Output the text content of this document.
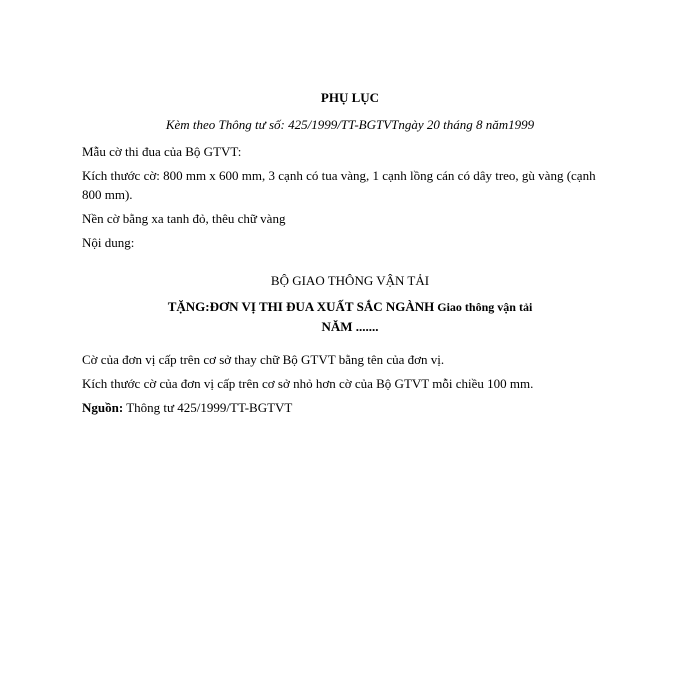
PHỤ LỤC

Kèm theo Thông tư số: 425/1999/TT-BGTVTngày 20 tháng 8 năm1999

Mẫu cờ thi đua của Bộ GTVT:

Kích thước cờ: 800 mm x 600 mm, 3 cạnh có tua vàng, 1 cạnh lồng cán có dây treo, gù vàng (cạnh 800 mm).

Nền cờ bằng xa tanh đỏ, thêu chữ vàng

Nội dung:

BỘ GIAO THÔNG VẬN TẢI

TẶNG:ĐƠN VỊ THI ĐUA XUẤT SẮC NGÀNH Giao thông vận tải
NĂM .......

Cờ của đơn vị cấp trên cơ sở thay chữ Bộ GTVT bằng tên của đơn vị.

Kích thước cờ của đơn vị cấp trên cơ sở nhỏ hơn cờ của Bộ GTVT mỗi chiều 100 mm.

Nguồn: Thông tư 425/1999/TT-BGTVT
